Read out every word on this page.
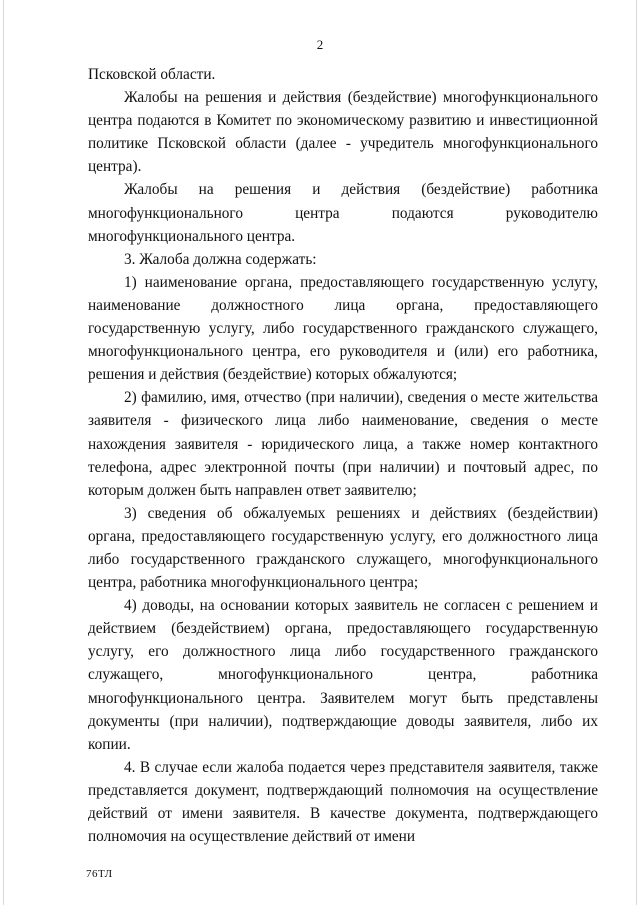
2

Псковской области.

Жалобы на решения и действия (бездействие) многофункционального центра подаются в Комитет по экономическому развитию и инвестиционной политике Псковской области (далее - учредитель многофункционального центра).

Жалобы на решения и действия (бездействие) работника многофункционального центра подаются руководителю многофункционального центра.

3. Жалоба должна содержать:

1) наименование органа, предоставляющего государственную услугу, наименование должностного лица органа, предоставляющего государственную услугу, либо государственного гражданского служащего, многофункционального центра, его руководителя и (или) его работника, решения и действия (бездействие) которых обжалуются;

2) фамилию, имя, отчество (при наличии), сведения о месте жительства заявителя - физического лица либо наименование, сведения о месте нахождения заявителя - юридического лица, а также номер контактного телефона, адрес электронной почты (при наличии) и почтовый адрес, по которым должен быть направлен ответ заявителю;

3) сведения об обжалуемых решениях и действиях (бездействии) органа, предоставляющего государственную услугу, его должностного лица либо государственного гражданского служащего, многофункционального центра, работника многофункционального центра;

4) доводы, на основании которых заявитель не согласен с решением и действием (бездействием) органа, предоставляющего государственную услугу, его должностного лица либо государственного гражданского служащего, многофункционального центра, работника многофункционального центра. Заявителем могут быть представлены документы (при наличии), подтверждающие доводы заявителя, либо их копии.

4. В случае если жалоба подается через представителя заявителя, также представляется документ, подтверждающий полномочия на осуществление действий от имени заявителя. В качестве документа, подтверждающего полномочия на осуществление действий от имени

76ТЛ
